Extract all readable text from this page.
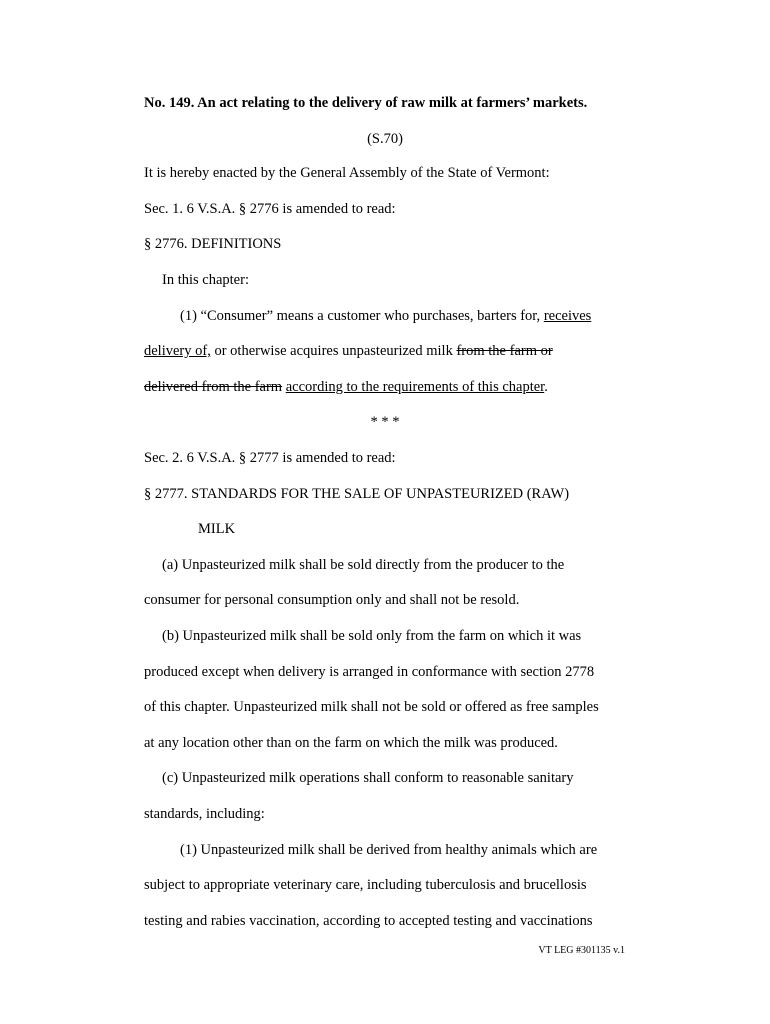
No. 149. An act relating to the delivery of raw milk at farmers’ markets.
(S.70)
It is hereby enacted by the General Assembly of the State of Vermont:
Sec. 1. 6 V.S.A. § 2776 is amended to read:
§ 2776. DEFINITIONS
In this chapter:
(1) “Consumer” means a customer who purchases, barters for, receives
delivery of, or otherwise acquires unpasteurized milk from the farm or
delivered from the farm according to the requirements of this chapter.
* * *
Sec. 2. 6 V.S.A. § 2777 is amended to read:
§ 2777. STANDARDS FOR THE SALE OF UNPASTEURIZED (RAW)
MILK
(a) Unpasteurized milk shall be sold directly from the producer to the
consumer for personal consumption only and shall not be resold.
(b) Unpasteurized milk shall be sold only from the farm on which it was
produced except when delivery is arranged in conformance with section 2778
of this chapter. Unpasteurized milk shall not be sold or offered as free samples
at any location other than on the farm on which the milk was produced.
(c) Unpasteurized milk operations shall conform to reasonable sanitary
standards, including:
(1) Unpasteurized milk shall be derived from healthy animals which are
subject to appropriate veterinary care, including tuberculosis and brucellosis
testing and rabies vaccination, according to accepted testing and vaccinations
VT LEG #301135 v.1
